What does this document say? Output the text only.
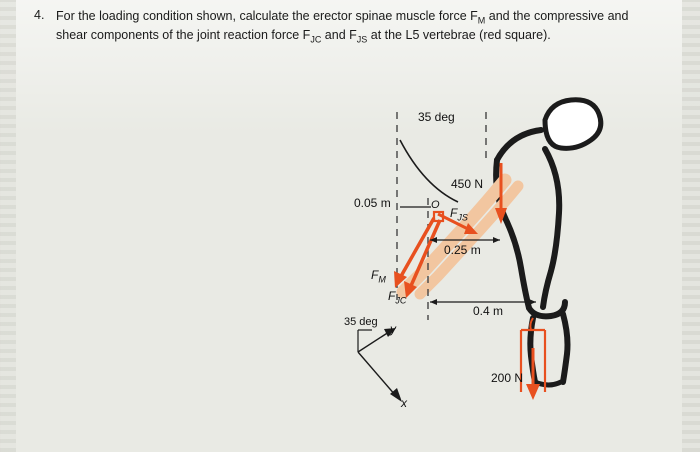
4. For the loading condition shown, calculate the erector spinae muscle force $F_M$ and the compressive and shear components of the joint reaction force $F_{JC}$ and $F_{JS}$ at the L5 vertebrae (red square).
35 deg
450 N
0.05 m
0.25 m
0.4 m
200 N
O
$F_{JS}$
$F_M$
$F_{JC}$
35 deg y
x
